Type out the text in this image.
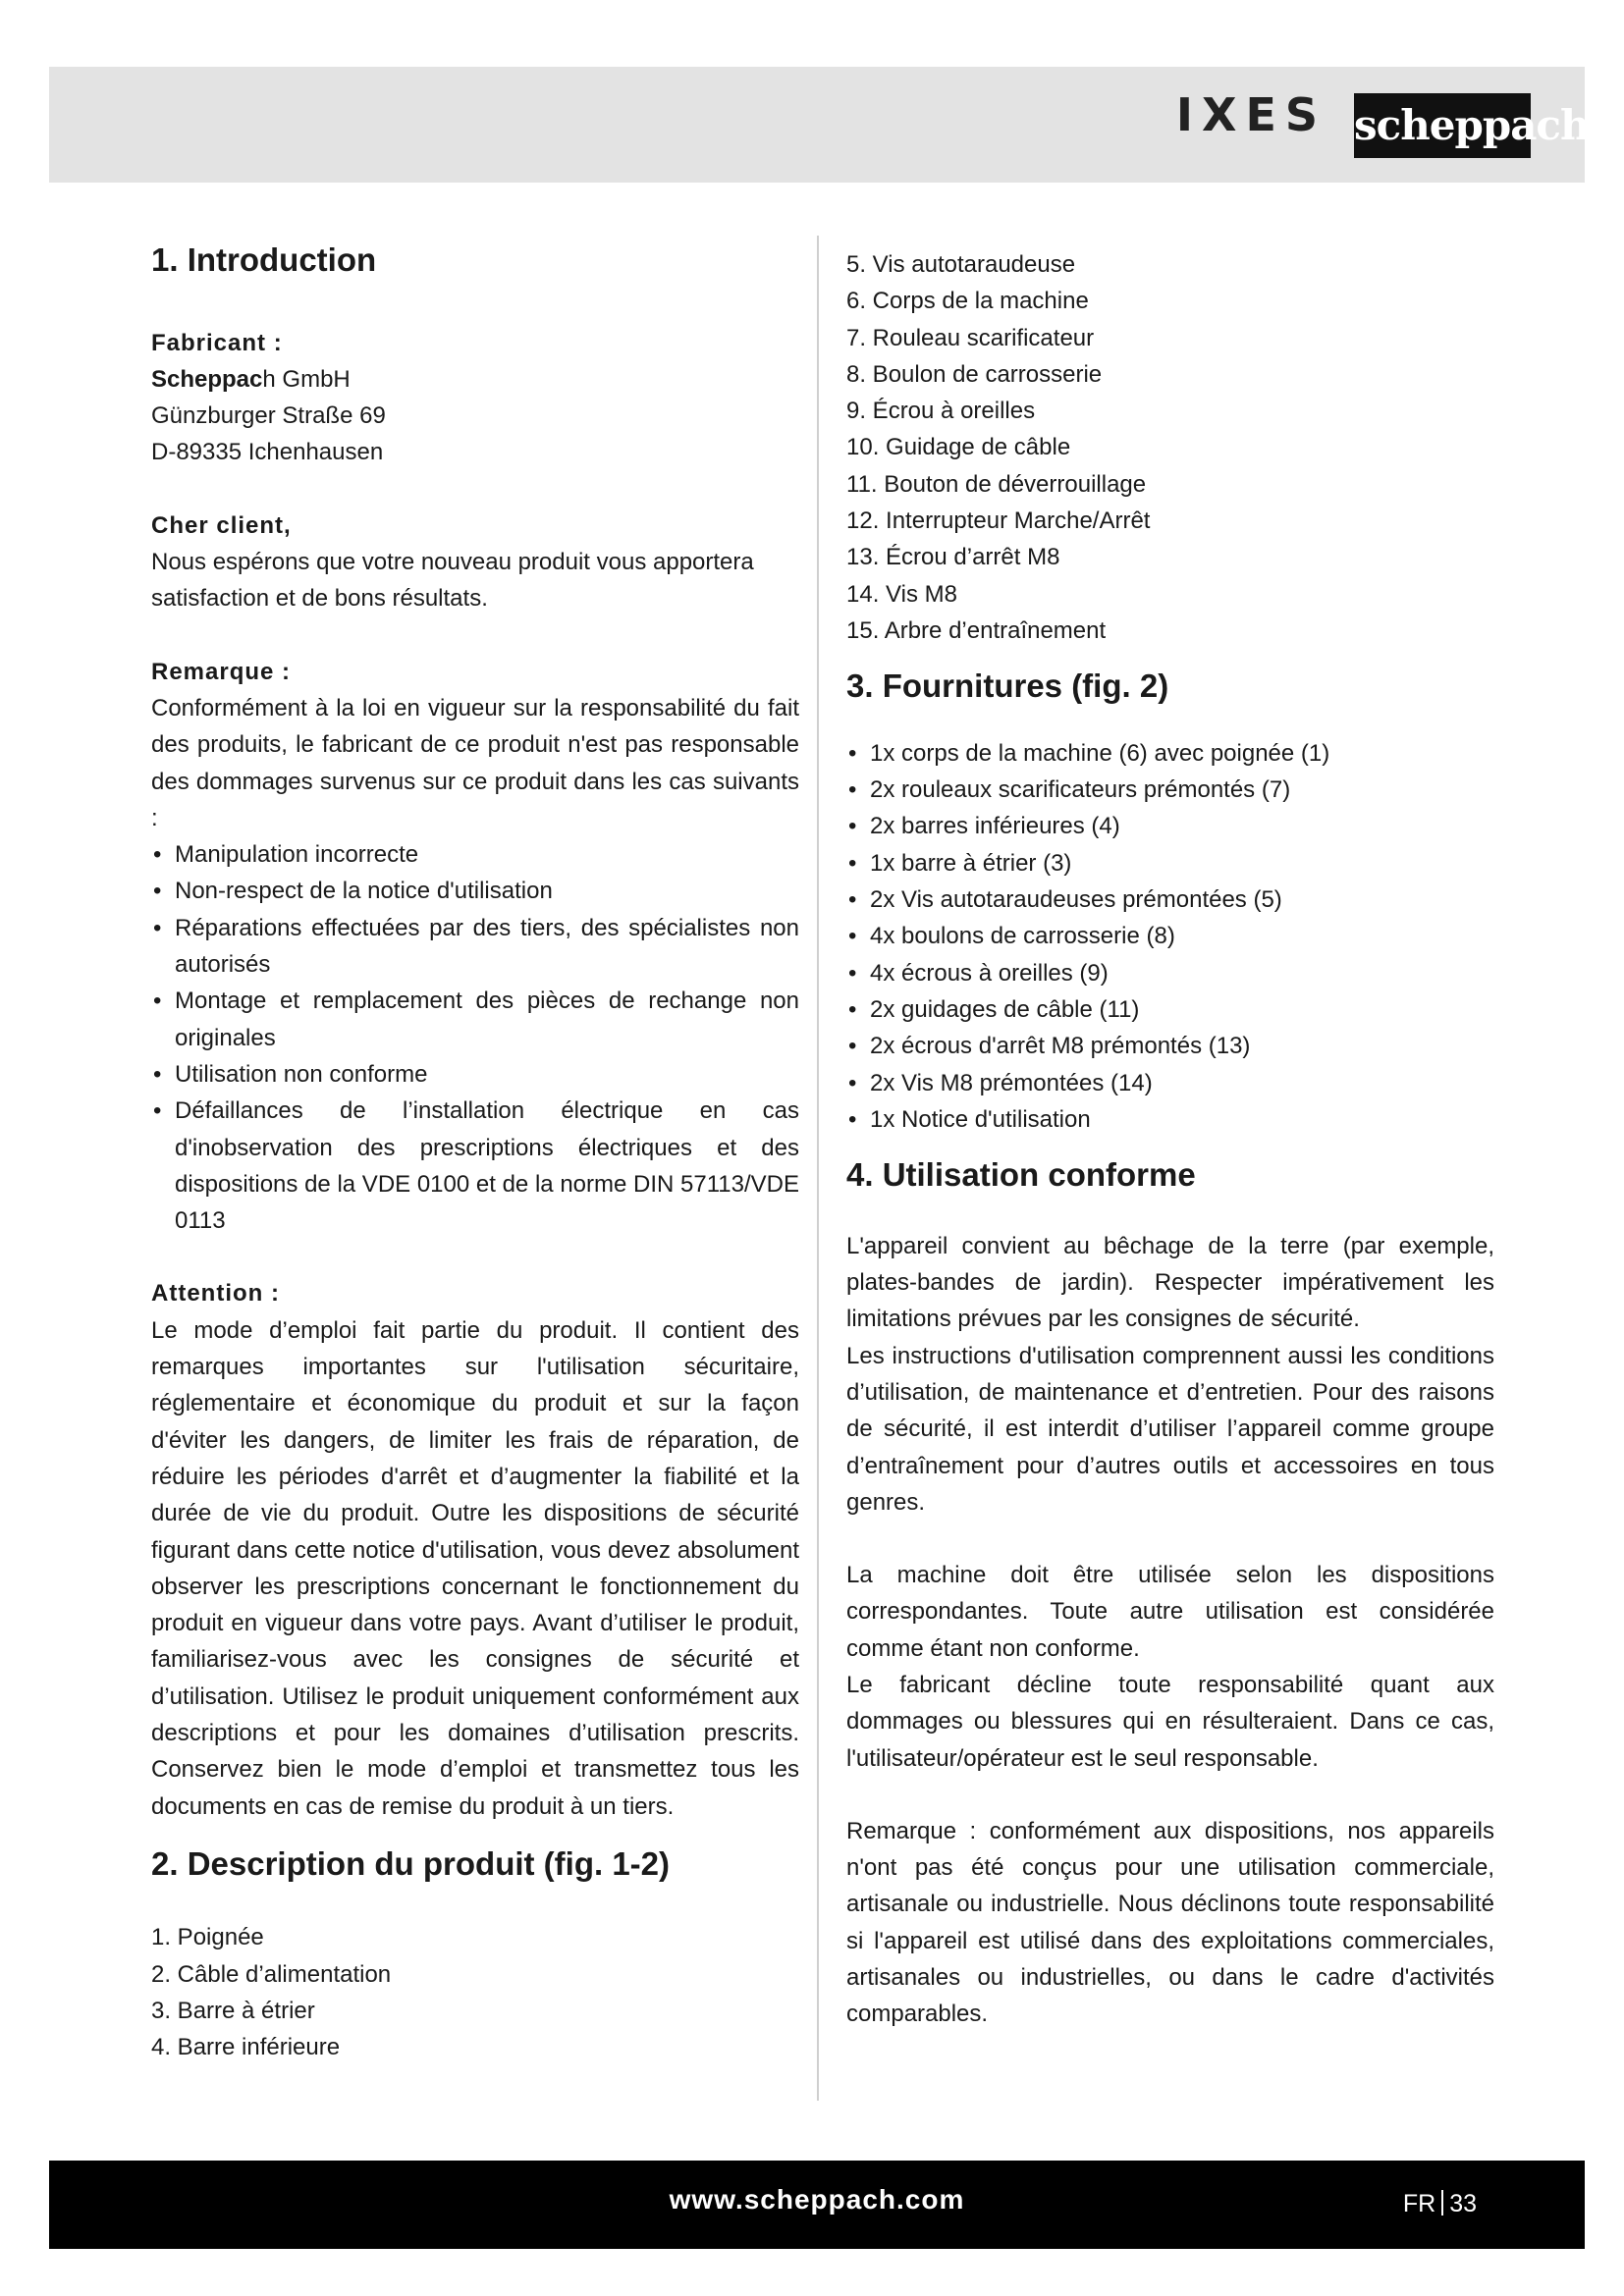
IXES scheppach
1. Introduction

Fabricant :

Scheppach GmbH

Günzburger Straße 69

D-89335 Ichenhausen

Cher client,

Nous espérons que votre nouveau produit vous apportera satisfaction et de bons résultats.

Remarque :

Conformément à la loi en vigueur sur la responsabilité du fait des produits, le fabricant de ce produit n'est pas responsable des dommages survenus sur ce produit dans les cas suivants :

• Manipulation incorrecte
• Non-respect de la notice d'utilisation
• Réparations effectuées par des tiers, des spécialistes non autorisés
• Montage et remplacement des pièces de rechange non originales
• Utilisation non conforme
• Défaillances de l’installation électrique en cas d'inobservation des prescriptions électriques et des dispositions de la VDE 0100 et de la norme DIN 57113/VDE 0113

Attention :

Le mode d’emploi fait partie du produit. Il contient des remarques importantes sur l'utilisation sécuritaire, réglementaire et économique du produit et sur la façon d'éviter les dangers, de limiter les frais de réparation, de réduire les périodes d'arrêt et d’augmenter la fiabilité et la durée de vie du produit. Outre les dispositions de sécurité figurant dans cette notice d'utilisation, vous devez absolument observer les prescriptions concernant le fonctionnement du produit en vigueur dans votre pays. Avant d’utiliser le produit, familiarisez-vous avec les consignes de sécurité et d’utilisation. Utilisez le produit uniquement conformément aux descriptions et pour les domaines d’utilisation prescrits. Conservez bien le mode d’emploi et transmettez tous les documents en cas de remise du produit à un tiers.

2. Description du produit (fig. 1-2)
1. Poignée
2. Câble d’alimentation
3. Barre à étrier
4. Barre inférieure
5. Vis autotaraudeuse
6. Corps de la machine
7. Rouleau scarificateur
8. Boulon de carrosserie
9. Écrou à oreilles
10. Guidage de câble
11. Bouton de déverrouillage
12. Interrupteur Marche/Arrêt
13. Écrou d’arrêt M8
14. Vis M8
15. Arbre d’entraînement
3. Fournitures (fig. 2)
• 1x corps de la machine (6) avec poignée (1)
• 2x rouleaux scarificateurs prémontés (7)
• 2x barres inférieures (4)
• 1x barre à étrier (3)
• 2x Vis autotaraudeuses prémontées (5)
• 4x boulons de carrosserie (8)
• 4x écrous à oreilles (9)
• 2x guidages de câble (11)
• 2x écrous d'arrêt M8 prémontés (13)
• 2x Vis M8 prémontées (14)
• 1x Notice d'utilisation
4. Utilisation conforme

L'appareil convient au bêchage de la terre (par exemple, plates-bandes de jardin). Respecter impérativement les limitations prévues par les consignes de sécurité.

Les instructions d'utilisation comprennent aussi les conditions d’utilisation, de maintenance et d’entretien. Pour des raisons de sécurité, il est interdit d’utiliser l’appareil comme groupe d’entraînement pour d’autres outils et accessoires en tous genres.

La machine doit être utilisée selon les dispositions correspondantes. Toute autre utilisation est considérée comme étant non conforme.

Le fabricant décline toute responsabilité quant aux dommages ou blessures qui en résulteraient. Dans ce cas, l'utilisateur/opérateur est le seul responsable.

Remarque : conformément aux dispositions, nos appareils n'ont pas été conçus pour une utilisation commerciale, artisanale ou industrielle. Nous déclinons toute responsabilité si l'appareil est utilisé dans des exploitations commerciales, artisanales ou industrielles, ou dans le cadre d'activités comparables.

www.scheppach.com	FR 33
